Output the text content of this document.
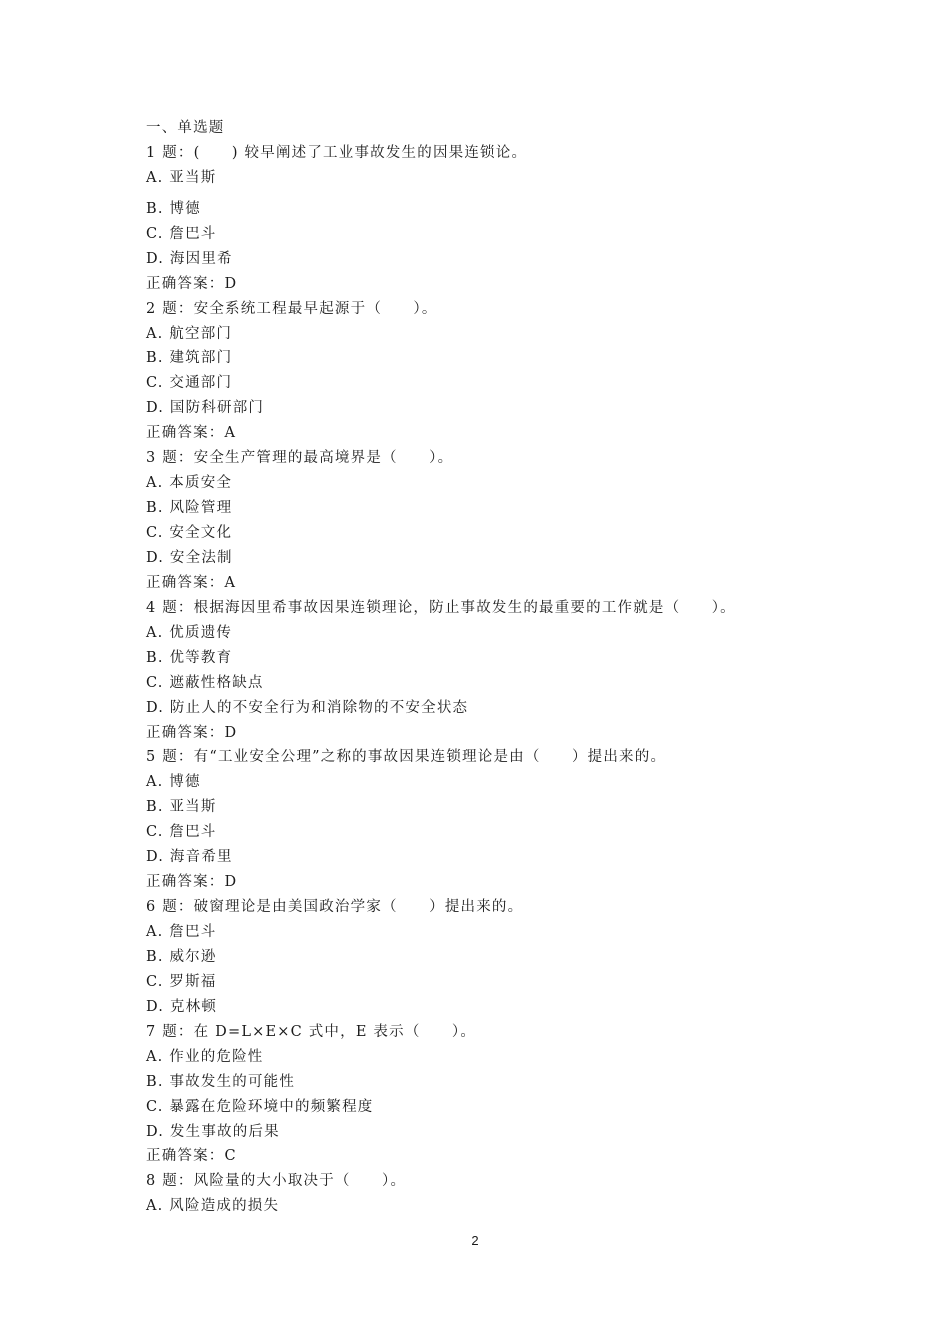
一、单选题
1 题：(　　) 较早阐述了工业事故发生的因果连锁论。
A. 亚当斯
B. 博德
C. 詹巴斗
D. 海因里希
正确答案：D
2 题：安全系统工程最早起源于（　　）。
A. 航空部门
B. 建筑部门
C. 交通部门
D. 国防科研部门
正确答案：A
3 题：安全生产管理的最高境界是（　　）。
A. 本质安全
B. 风险管理
C. 安全文化
D. 安全法制
正确答案：A
4 题：根据海因里希事故因果连锁理论，防止事故发生的最重要的工作就是（　　）。
A. 优质遗传
B. 优等教育
C. 遮蔽性格缺点
D. 防止人的不安全行为和消除物的不安全状态
正确答案：D
5 题：有“工业安全公理”之称的事故因果连锁理论是由（　　）提出来的。
A. 博德
B. 亚当斯
C. 詹巴斗
D. 海音希里
正确答案：D
6 题：破窗理论是由美国政治学家（　　）提出来的。
A. 詹巴斗
B. 威尔逊
C. 罗斯福
D. 克林顿
7 题：在 D=L×E×C 式中，E 表示（　　）。
A. 作业的危险性
B. 事故发生的可能性
C. 暴露在危险环境中的频繁程度
D. 发生事故的后果
正确答案：C
8 题：风险量的大小取决于（　　）。
A. 风险造成的损失
2
